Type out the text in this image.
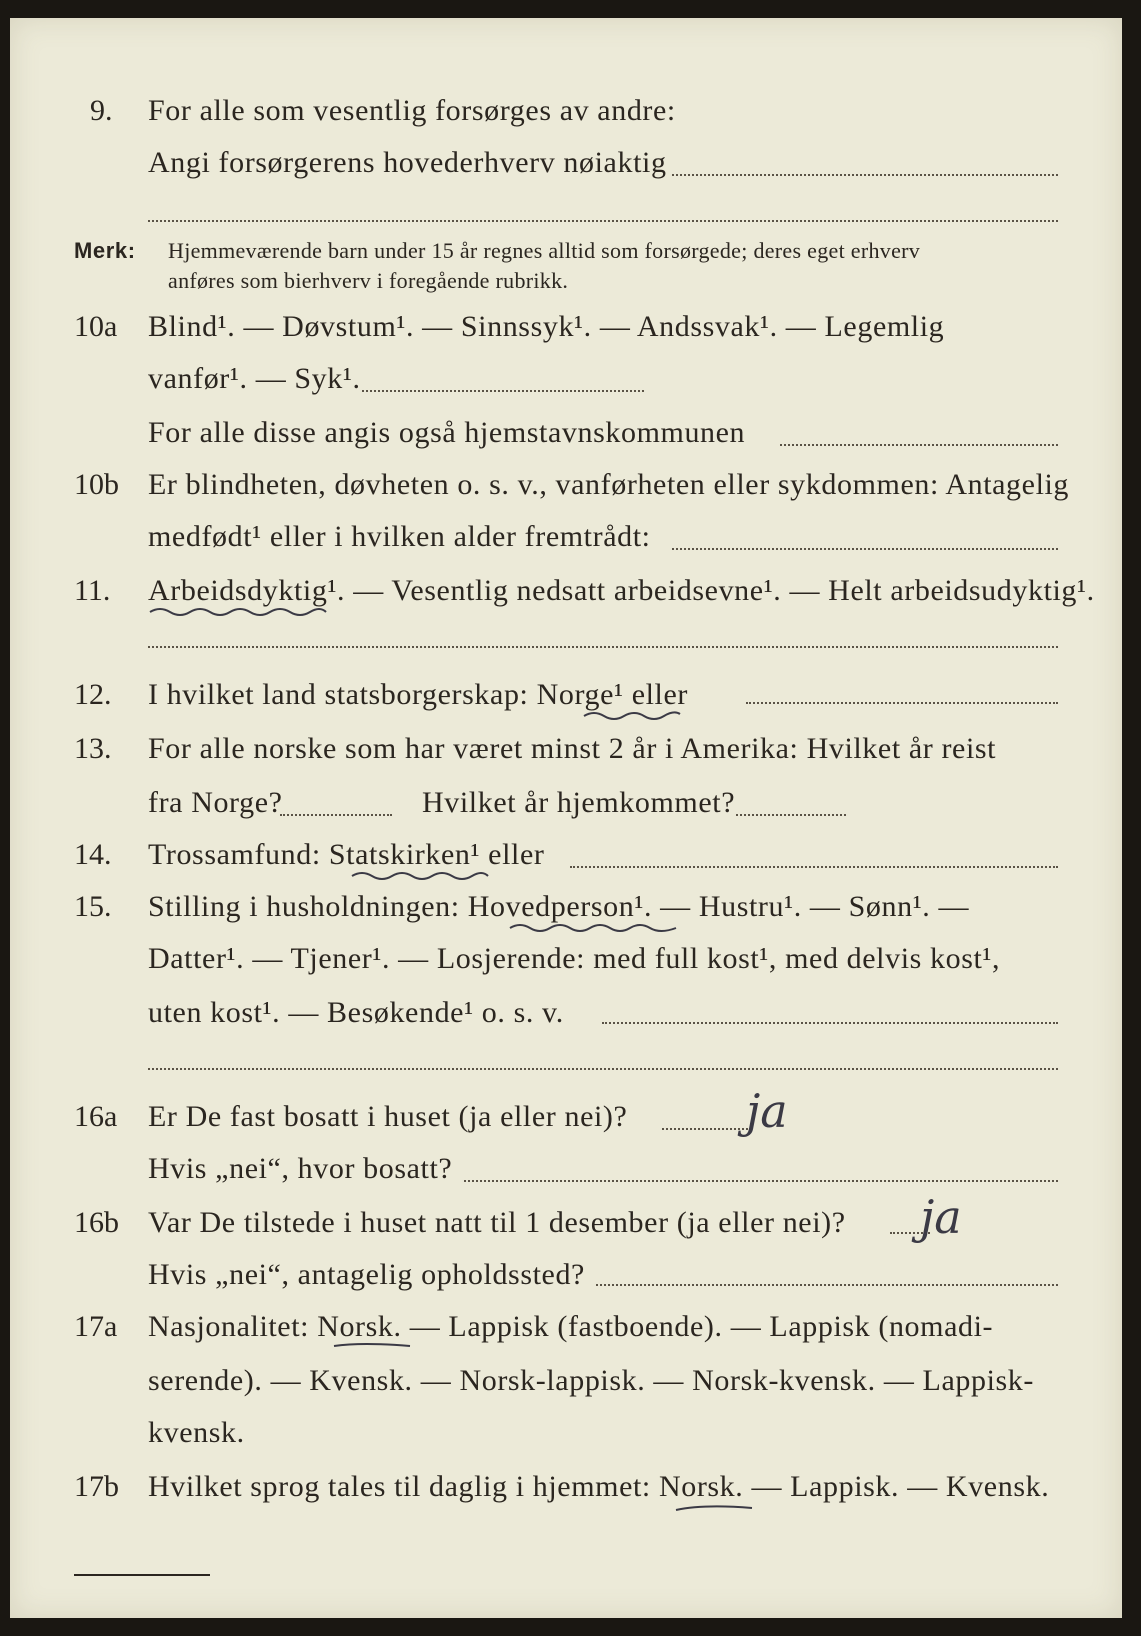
9. For alle som vesentlig forsørges av andre:
Angi forsørgerens hovederhverv nøiaktig
Merk: Hjemmeværende barn under 15 år regnes alltid som forsørgede; deres eget erhverv
anføres som bierhverv i foregående rubrikk.
10a Blind¹. — Døvstum¹. — Sinnssyk¹. — Andssvak¹. — Legemlig
vanfør¹. — Syk¹.
For alle disse angis også hjemstavnskommunen
10b Er blindheten, døvheten o. s. v., vanførheten eller sykdommen: Antagelig
medfødt¹ eller i hvilken alder fremtrådt:
11. Arbeidsdyktig¹. — Vesentlig nedsatt arbeidsevne¹. — Helt arbeidsudyktig¹.
12. I hvilket land statsborgerskap: Norge¹ eller
13. For alle norske som har været minst 2 år i Amerika: Hvilket år reist
fra Norge?	Hvilket år hjemkommet?
14. Trossamfund: Statskirken¹ eller
15. Stilling i husholdningen: Hovedperson¹. — Hustru¹. — Sønn¹. —
Datter¹. — Tjener¹. — Losjerende: med full kost¹, med delvis kost¹,
uten kost¹. — Besøkende¹ o. s. v.
16a Er De fast bosatt i huset (ja eller nei)?	ja
Hvis „nei“, hvor bosatt?
16b Var De tilstede i huset natt til 1 desember (ja eller nei)? ja
Hvis „nei“, antagelig opholdssted?
17a Nasjonalitet: Norsk. — Lappisk (fastboende). — Lappisk (nomadi-
serende). — Kvensk. — Norsk-lappisk. — Norsk-kvensk. — Lappisk-
kvensk.
17b Hvilket sprog tales til daglig i hjemmet: Norsk. — Lappisk. — Kvensk.
